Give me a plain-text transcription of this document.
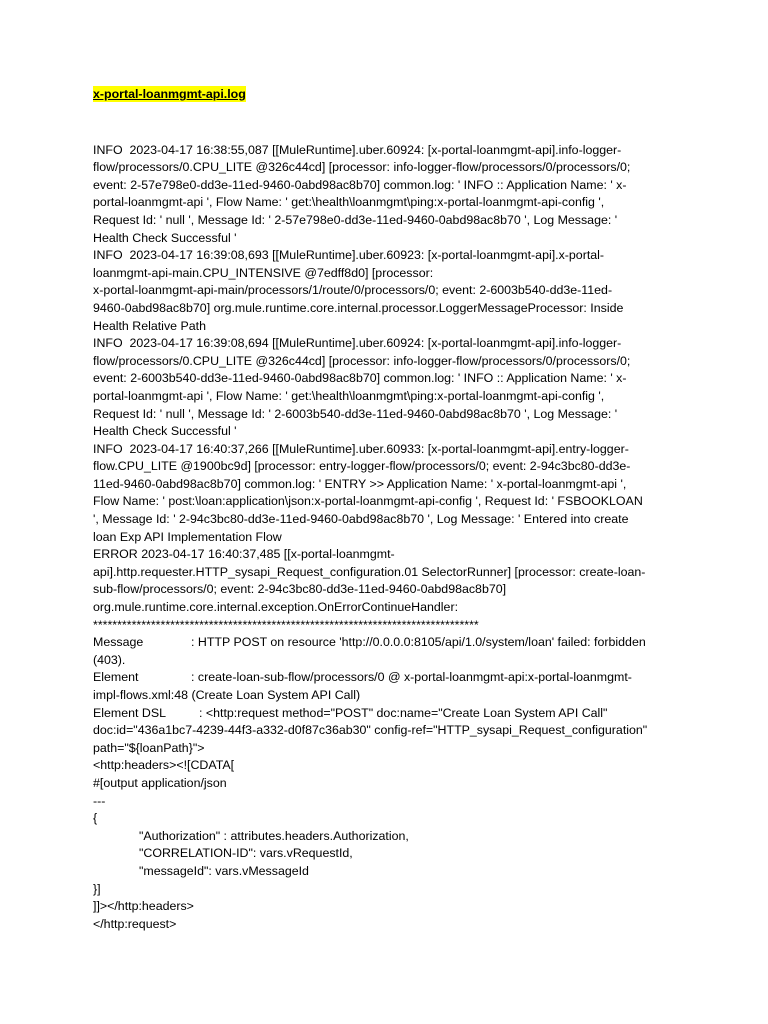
x-portal-loanmgmt-api.log
INFO  2023-04-17 16:38:55,087 [[MuleRuntime].uber.60924: [x-portal-loanmgmt-api].info-logger-
flow/processors/0.CPU_LITE @326c44cd] [processor: info-logger-flow/processors/0/processors/0;
event: 2-57e798e0-dd3e-11ed-9460-0abd98ac8b70] common.log: ' INFO :: Application Name: ' x-
portal-loanmgmt-api ', Flow Name: ' get:\health\loanmgmt\ping:x-portal-loanmgmt-api-config ',
Request Id: ' null ', Message Id: ' 2-57e798e0-dd3e-11ed-9460-0abd98ac8b70 ', Log Message: '
Health Check Successful '
INFO  2023-04-17 16:39:08,693 [[MuleRuntime].uber.60923: [x-portal-loanmgmt-api].x-portal-
loanmgmt-api-main.CPU_INTENSIVE @7edff8d0] [processor:
x-portal-loanmgmt-api-main/processors/1/route/0/processors/0; event: 2-6003b540-dd3e-11ed-
9460-0abd98ac8b70] org.mule.runtime.core.internal.processor.LoggerMessageProcessor: Inside
Health Relative Path
INFO  2023-04-17 16:39:08,694 [[MuleRuntime].uber.60924: [x-portal-loanmgmt-api].info-logger-
flow/processors/0.CPU_LITE @326c44cd] [processor: info-logger-flow/processors/0/processors/0;
event: 2-6003b540-dd3e-11ed-9460-0abd98ac8b70] common.log: ' INFO :: Application Name: ' x-
portal-loanmgmt-api ', Flow Name: ' get:\health\loanmgmt\ping:x-portal-loanmgmt-api-config ',
Request Id: ' null ', Message Id: ' 2-6003b540-dd3e-11ed-9460-0abd98ac8b70 ', Log Message: '
Health Check Successful '
INFO  2023-04-17 16:40:37,266 [[MuleRuntime].uber.60933: [x-portal-loanmgmt-api].entry-logger-
flow.CPU_LITE @1900bc9d] [processor: entry-logger-flow/processors/0; event: 2-94c3bc80-dd3e-
11ed-9460-0abd98ac8b70] common.log: ' ENTRY >> Application Name: ' x-portal-loanmgmt-api ',
Flow Name: ' post:\loan:application\json:x-portal-loanmgmt-api-config ', Request Id: ' FSBOOKLOAN
', Message Id: ' 2-94c3bc80-dd3e-11ed-9460-0abd98ac8b70 ', Log Message: ' Entered into create
loan Exp API Implementation Flow
ERROR 2023-04-17 16:40:37,485 [[x-portal-loanmgmt-
api].http.requester.HTTP_sysapi_Request_configuration.01 SelectorRunner] [processor: create-loan-
sub-flow/processors/0; event: 2-94c3bc80-dd3e-11ed-9460-0abd98ac8b70]
org.mule.runtime.core.internal.exception.OnErrorContinueHandler:
********************************************************************************
Message	: HTTP POST on resource 'http://0.0.0.0:8105/api/1.0/system/loan' failed: forbidden
(403).
Element	: create-loan-sub-flow/processors/0 @ x-portal-loanmgmt-api:x-portal-loanmgmt-
impl-flows.xml:48 (Create Loan System API Call)
Element DSL	: <http:request method="POST" doc:name="Create Loan System API Call"
doc:id="436a1bc7-4239-44f3-a332-d0f87c36ab30" config-ref="HTTP_sysapi_Request_configuration"
path="${loanPath}">
<http:headers><![CDATA[
#[output application/json
---
{
"Authorization" : attributes.headers.Authorization,
"CORRELATION-ID": vars.vRequestId,
"messageId": vars.vMessageId
}]
]]></http:headers>
</http:request>
